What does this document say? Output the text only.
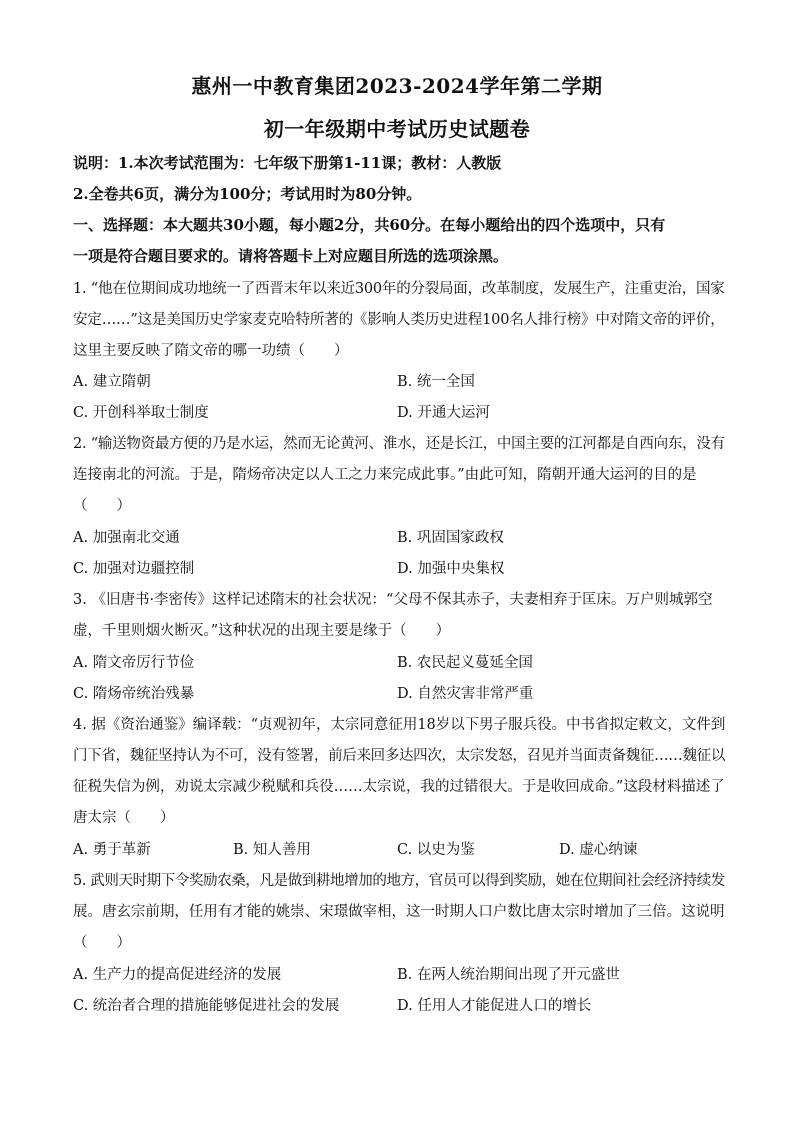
惠州一中教育集团2023-2024学年第二学期
初一年级期中考试历史试题卷
说明：1.本次考试范围为：七年级下册第1-11课；教材：人教版
2.全卷共6页，满分为100分；考试用时为80分钟。
一、选择题：本大题共30小题，每小题2分，共60分。在每小题给出的四个选项中，只有
一项是符合题目要求的。请将答题卡上对应题目所选的选项涂黑。
1. “他在位期间成功地统一了西晋末年以来近300年的分裂局面，改革制度，发展生产，注重吏治，国家
安定……”这是美国历史学家麦克哈特所著的《影响人类历史进程100名人排行榜》中对隋文帝的评价，
这里主要反映了隋文帝的哪一功绩（　　）
A. 建立隋朝	B. 统一全国
C. 开创科举取士制度	D. 开通大运河
2. “输送物资最方便的乃是水运，然而无论黄河、淮水，还是长江，中国主要的江河都是自西向东，没有
连接南北的河流。于是，隋炀帝决定以人工之力来完成此事。”由此可知，隋朝开通大运河的目的是
（　　）
A. 加强南北交通	B. 巩固国家政权
C. 加强对边疆控制	D. 加强中央集权
3. 《旧唐书·李密传》这样记述隋末的社会状况：“父母不保其赤子，夫妻相弃于匡床。万户则城郭空
虚，千里则烟火断灭。”这种状况的出现主要是缘于（　　）
A. 隋文帝厉行节俭	B. 农民起义蔓延全国
C. 隋炀帝统治残暴	D. 自然灾害非常严重
4. 据《资治通鉴》编译载：“贞观初年，太宗同意征用18岁以下男子服兵役。中书省拟定敕文，文件到
门下省，魏征坚持认为不可，没有签署，前后来回多达四次，太宗发怒，召见并当面责备魏征……魏征以
征税失信为例，劝说太宗减少税赋和兵役……太宗说，我的过错很大。于是收回成命。”这段材料描述了
唐太宗（　　）
A. 勇于革新	B. 知人善用	C. 以史为鉴	D. 虚心纳谏
5. 武则天时期下令奖励农桑，凡是做到耕地增加的地方，官员可以得到奖励，她在位期间社会经济持续发
展。唐玄宗前期，任用有才能的姚崇、宋璟做宰相，这一时期人口户数比唐太宗时增加了三倍。这说明
（　　）
A. 生产力的提高促进经济的发展	B. 在两人统治期间出现了开元盛世
C. 统治者合理的措施能够促进社会的发展	D. 任用人才能促进人口的增长
